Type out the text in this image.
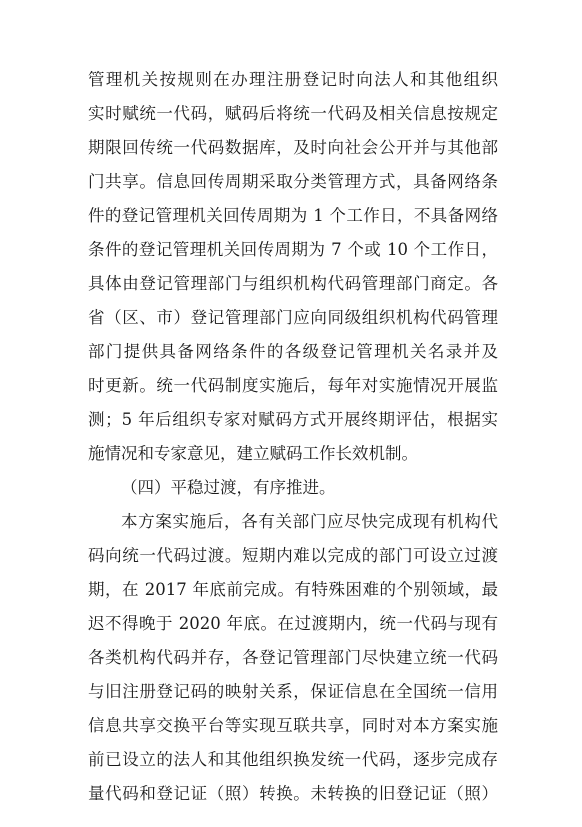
管理机关按规则在办理注册登记时向法人和其他组织
实时赋统一代码，赋码后将统一代码及相关信息按规定
期限回传统一代码数据库，及时向社会公开并与其他部
门共享。信息回传周期采取分类管理方式，具备网络条
件的登记管理机关回传周期为 1 个工作日，不具备网络
条件的登记管理机关回传周期为 7 个或 10 个工作日，
具体由登记管理部门与组织机构代码管理部门商定。各
省（区、市）登记管理部门应向同级组织机构代码管理
部门提供具备网络条件的各级登记管理机关名录并及
时更新。统一代码制度实施后，每年对实施情况开展监
测；5 年后组织专家对赋码方式开展终期评估，根据实
施情况和专家意见，建立赋码工作长效机制。
（四）平稳过渡，有序推进。
本方案实施后，各有关部门应尽快完成现有机构代
码向统一代码过渡。短期内难以完成的部门可设立过渡
期，在 2017 年底前完成。有特殊困难的个别领域，最
迟不得晚于 2020 年底。在过渡期内，统一代码与现有
各类机构代码并存，各登记管理部门尽快建立统一代码
与旧注册登记码的映射关系，保证信息在全国统一信用
信息共享交换平台等实现互联共享，同时对本方案实施
前已设立的法人和其他组织换发统一代码，逐步完成存
量代码和登记证（照）转换。未转换的旧登记证（照）
